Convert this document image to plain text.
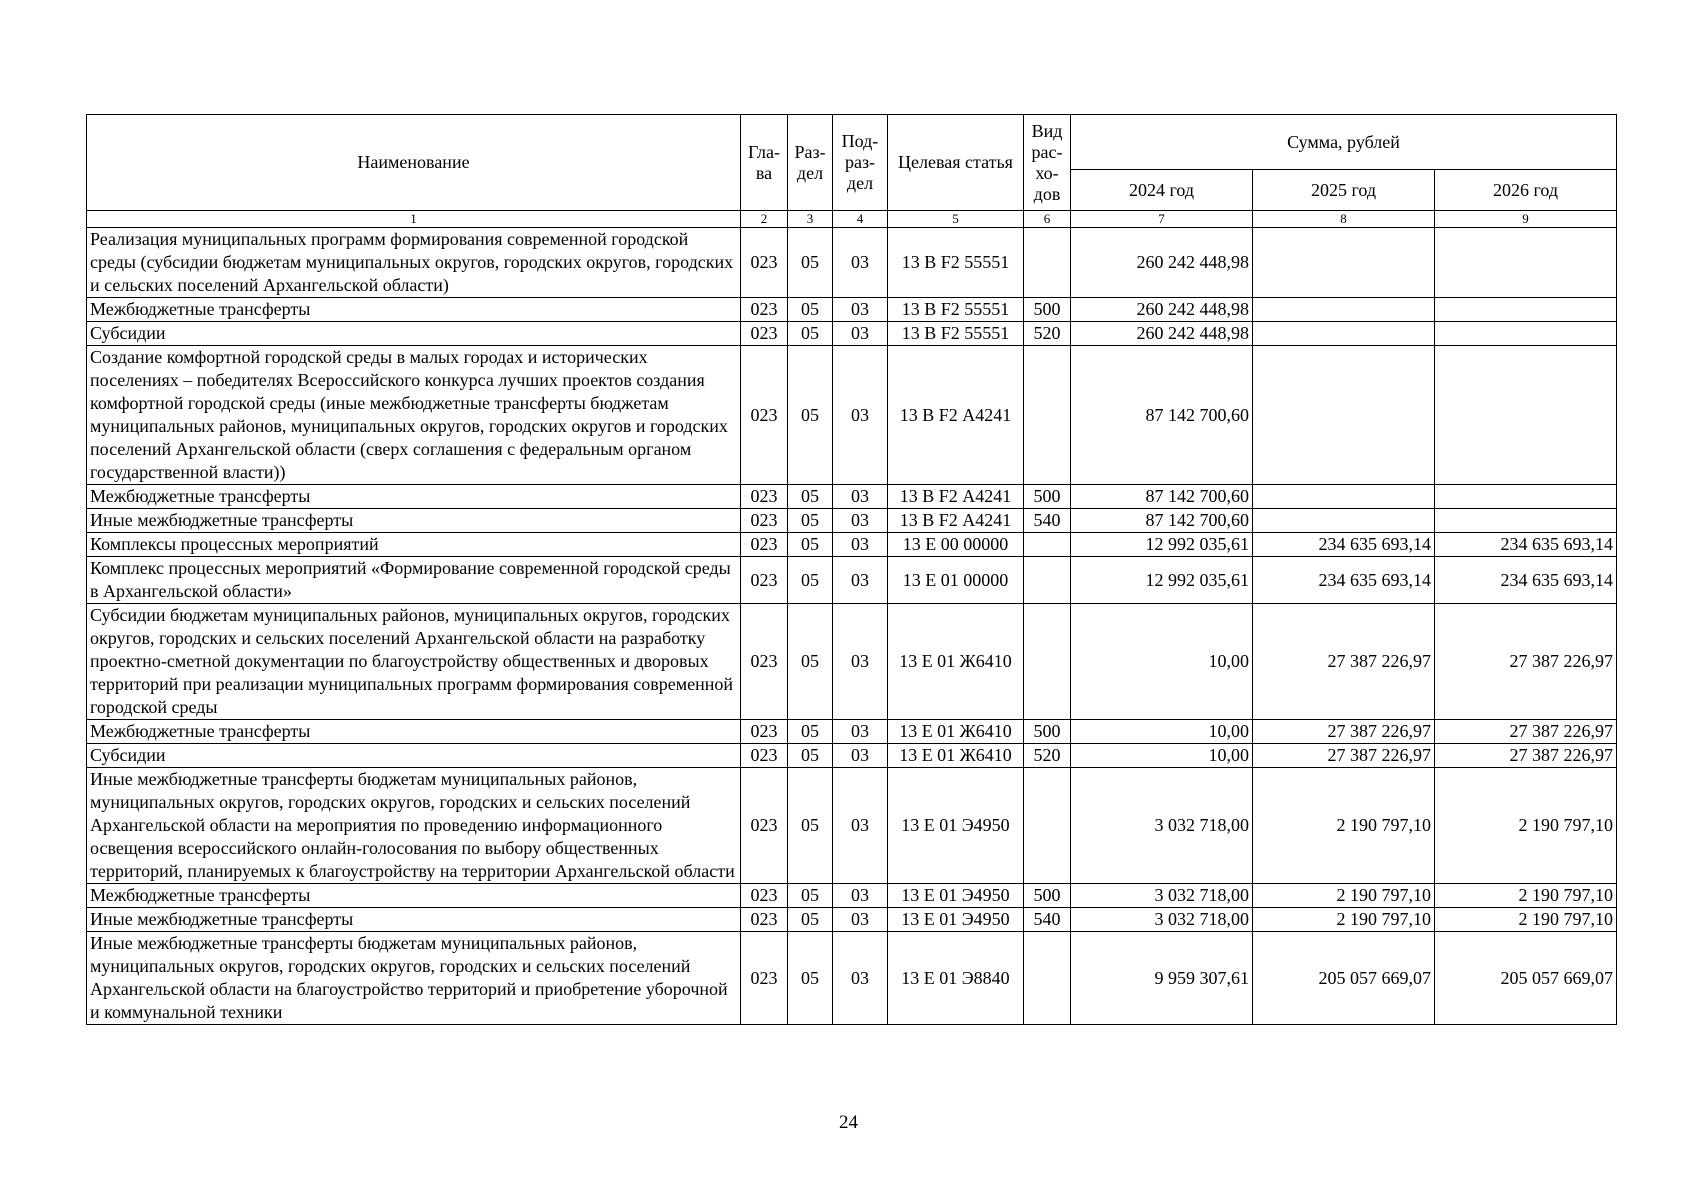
Наименование	Гла-ва	Раз-дел	Под-раз-дел	Целевая статья	Вид рас-хо-дов	Сумма, рублей		
						2024 год	2025 год	2026 год
1	2	3	4	5	6	7	8	9
Реализация муниципальных программ формирования современной городской среды (субсидии бюджетам муниципальных округов, городских округов, городских и сельских поселений Архангельской области)	023	05	03	13 В F2 55551		260 242 448,98		
Межбюджетные трансферты	023	05	03	13 В F2 55551	500	260 242 448,98		
Субсидии	023	05	03	13 В F2 55551	520	260 242 448,98		
Создание комфортной городской среды в малых городах и исторических поселениях – победителях Всероссийского конкурса лучших проектов создания комфортной городской среды (иные межбюджетные трансферты бюджетам муниципальных районов, муниципальных округов, городских округов и городских поселений Архангельской области (сверх соглашения с федеральным органом государственной власти))	023	05	03	13 В F2 А4241		87 142 700,60		
Межбюджетные трансферты	023	05	03	13 В F2 А4241	500	87 142 700,60		
Иные межбюджетные трансферты	023	05	03	13 В F2 А4241	540	87 142 700,60		
Комплексы процессных мероприятий	023	05	03	13 Е 00 00000		12 992 035,61	234 635 693,14	234 635 693,14
Комплекс процессных мероприятий «Формирование современной городской среды в Архангельской области»	023	05	03	13 Е 01 00000		12 992 035,61	234 635 693,14	234 635 693,14
Субсидии бюджетам муниципальных районов, муниципальных округов, городских округов, городских и сельских поселений Архангельской области на разработку проектно-сметной документации по благоустройству общественных и дворовых территорий при реализации муниципальных программ формирования современной городской среды	023	05	03	13 Е 01 Ж6410		10,00	27 387 226,97	27 387 226,97
Межбюджетные трансферты	023	05	03	13 Е 01 Ж6410	500	10,00	27 387 226,97	27 387 226,97
Субсидии	023	05	03	13 Е 01 Ж6410	520	10,00	27 387 226,97	27 387 226,97
Иные межбюджетные трансферты бюджетам муниципальных районов, муниципальных округов, городских округов, городских и сельских поселений Архангельской области на мероприятия по проведению информационного освещения всероссийского онлайн-голосования по выбору общественных территорий, планируемых к благоустройству на территории Архангельской области	023	05	03	13 Е 01 Э4950		3 032 718,00	2 190 797,10	2 190 797,10
Межбюджетные трансферты	023	05	03	13 Е 01 Э4950	500	3 032 718,00	2 190 797,10	2 190 797,10
Иные межбюджетные трансферты	023	05	03	13 Е 01 Э4950	540	3 032 718,00	2 190 797,10	2 190 797,10
Иные межбюджетные трансферты бюджетам муниципальных районов, муниципальных округов, городских округов, городских и сельских поселений Архангельской области на благоустройство территорий и приобретение уборочной и коммунальной техники	023	05	03	13 Е 01 Э8840		9 959 307,61	205 057 669,07	205 057 669,07
24
